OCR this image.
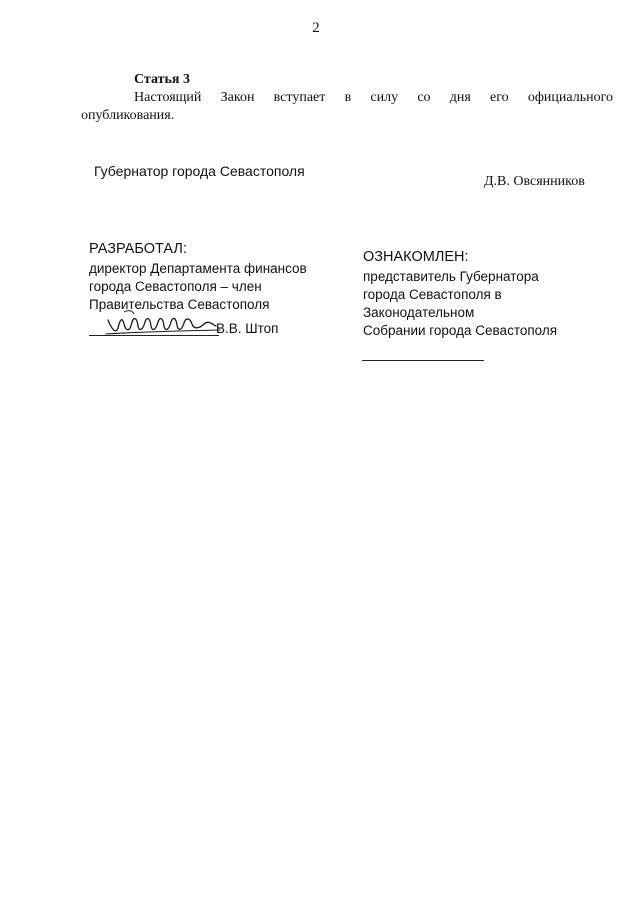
2
Статья 3
Настоящий Закон вступает в силу со дня его официального
опубликования.
Губернатор города Севастополя
Д.В. Овсянников
РАЗРАБОТАЛ:
директор Департамента финансов
города Севастополя – член
Правительства Севастополя
В.В. Штоп
ОЗНАКОМЛЕН:
представитель Губернатора
города Севастополя в
Законодательном
Собрании города Севастополя
